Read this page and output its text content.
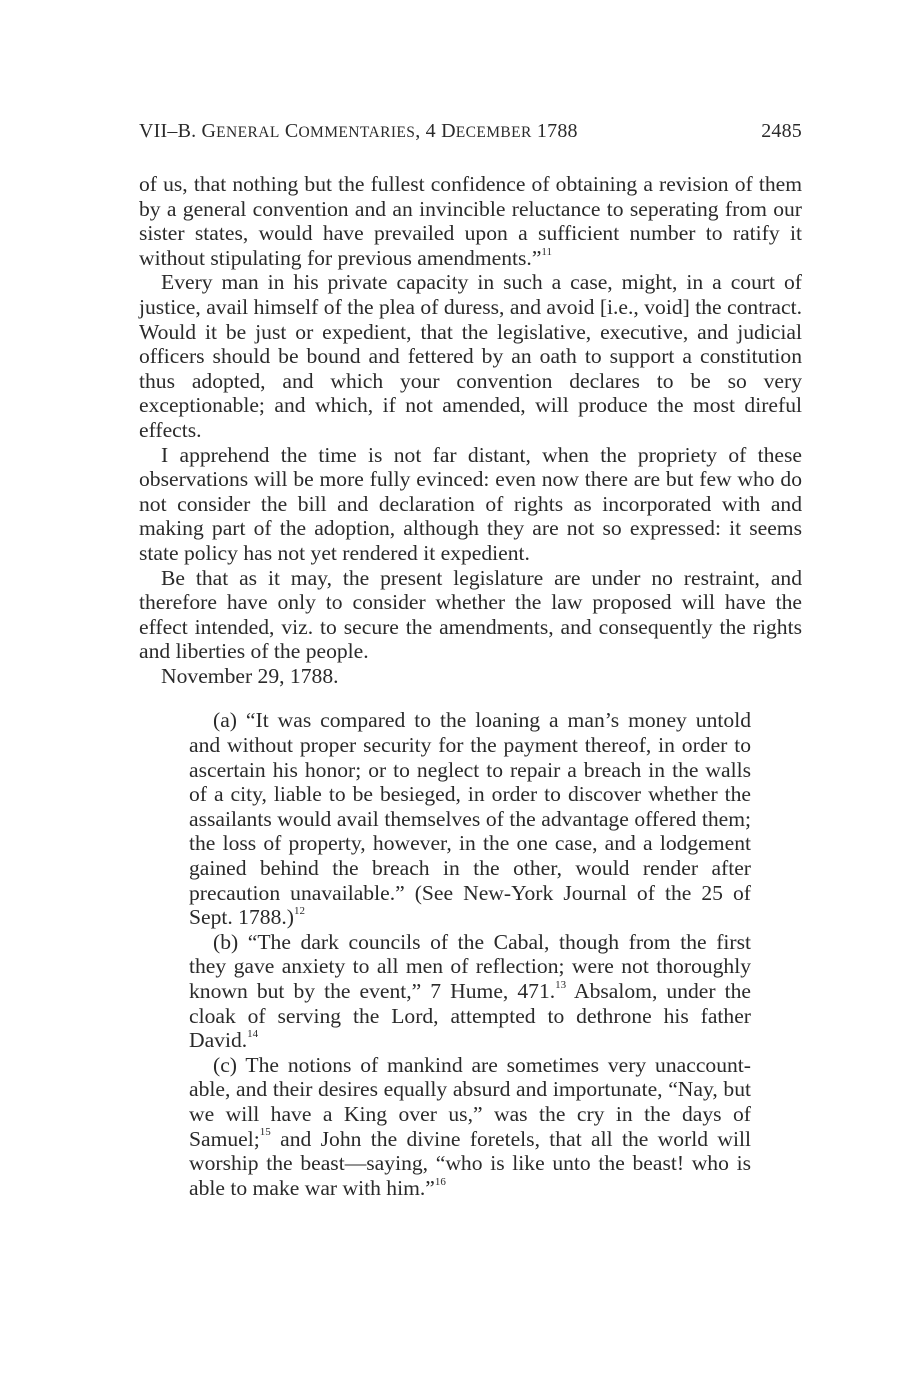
VII–B. GENERAL COMMENTARIES, 4 DECEMBER 1788	2485

of us, that nothing but the fullest confidence of obtaining a revision of them by a general convention and an invincible reluctance to seperating from our sister states, would have prevailed upon a sufficient number to ratify it without stipulating for previous amendments.”$^{11}$

Every man in his private capacity in such a case, might, in a court of justice, avail himself of the plea of duress, and avoid [i.e., void] the contract. Would it be just or expedient, that the legislative, executive, and judicial officers should be bound and fettered by an oath to support a constitution thus adopted, and which your convention declares to be so very exceptionable; and which, if not amended, will produce the most direful effects.

I apprehend the time is not far distant, when the propriety of these observations will be more fully evinced: even now there are but few who do not consider the bill and declaration of rights as incorporated with and making part of the adoption, although they are not so expressed: it seems state policy has not yet rendered it expedient.

Be that as it may, the present legislature are under no restraint, and therefore have only to consider whether the law proposed will have the effect intended, viz. to secure the amendments, and consequently the rights and liberties of the people.

November 29, 1788.

(a) “It was compared to the loaning a man’s money untold and without proper security for the payment thereof, in order to ascertain his honor; or to neglect to repair a breach in the walls of a city, liable to be besieged, in order to discover whether the assailants would avail themselves of the advantage offered them; the loss of property, however, in the one case, and a lodgement gained behind the breach in the other, would render after precaution unavailable.” (See New-York Journal of the 25 of Sept. 1788.)$^{12}$

(b) “The dark councils of the Cabal, though from the first they gave anxiety to all men of reflection; were not thoroughly known but by the event,” 7 Hume, 471.13 Absalom, under the cloak of serving the Lord, attempted to dethrone his father David.$^{14}$

(c) The notions of mankind are sometimes very unaccountable, and their desires equally absurd and importunate, “Nay, but we will have a King over us,” was the cry in the days of Samuel;$^{15}$ and John the divine foretels, that all the world will worship the beast—saying, “who is like unto the beast! who is able to make war with him.”$^{16}$
